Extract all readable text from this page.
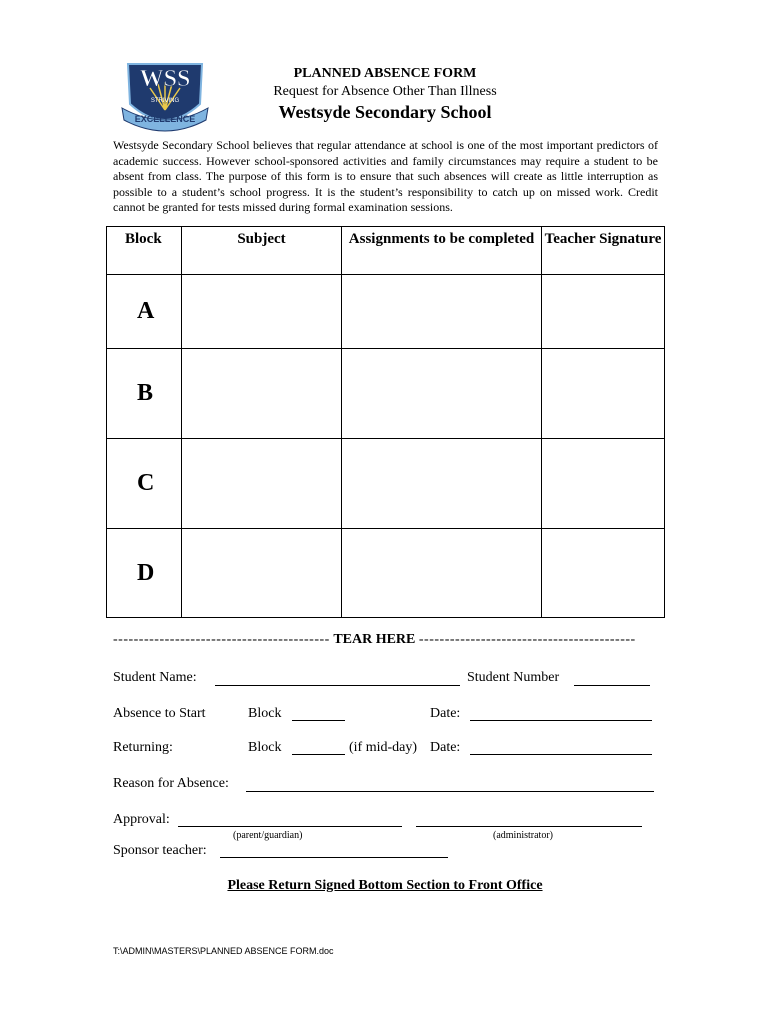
WSS
STRIVING
EXCELLENCE
PLANNED ABSENCE FORM
Request for Absence Other Than Illness
Westsyde Secondary School
Westsyde Secondary School believes that regular attendance at school is one of the most important predictors of academic success. However school-sponsored activities and family circumstances may require a student to be absent from class. The purpose of this form is to ensure that such absences will create as little interruption as possible to a student’s school progress. It is the student’s responsibility to catch up on missed work. Credit cannot be granted for tests missed during formal examination sessions.
Block	Subject	Assignments to be completed	Teacher Signature
A			
B			
C			
D			
------------------------------------------ TEAR HERE ------------------------------------------
Student Name:	Student Number
Absence to Start	Block	Date:
Returning:	Block	(if mid-day) Date:
Reason for Absence:
Approval:
(parent/guardian)	(administrator)
Sponsor teacher:
Please Return Signed Bottom Section to Front Office
T:\ADMIN\MASTERS\PLANNED ABSENCE FORM.doc
